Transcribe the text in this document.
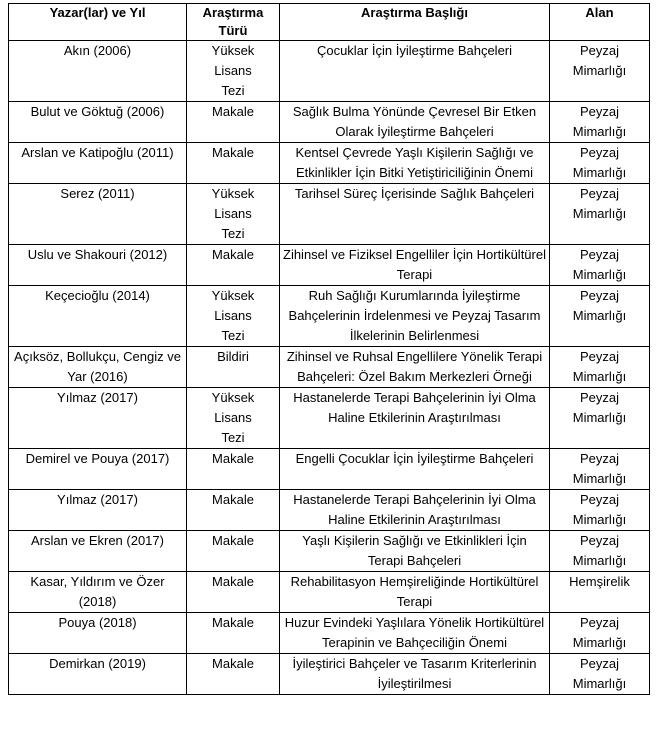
Yazar(lar) ve Yıl	Araştırma Türü	Araştırma Başlığı	Alan
Akın (2006)	Yüksek Lisans Tezi	Çocuklar İçin İyileştirme Bahçeleri	Peyzaj Mimarlığı
Bulut ve Göktuğ (2006)	Makale	Sağlık Bulma Yönünde Çevresel Bir Etken Olarak İyileştirme Bahçeleri	Peyzaj Mimarlığı
Arslan ve Katipoğlu (2011)	Makale	Kentsel Çevrede Yaşlı Kişilerin Sağlığı ve Etkinlikler İçin Bitki Yetiştiriciliğinin Önemi	Peyzaj Mimarlığı
Serez (2011)	Yüksek Lisans Tezi	Tarihsel Süreç İçerisinde Sağlık Bahçeleri	Peyzaj Mimarlığı
Uslu ve Shakouri (2012)	Makale	Zihinsel ve Fiziksel Engelliler İçin Hortikültürel Terapi	Peyzaj Mimarlığı
Keçecioğlu (2014)	Yüksek Lisans Tezi	Ruh Sağlığı Kurumlarında İyileştirme Bahçelerinin İrdelenmesi ve Peyzaj Tasarım İlkelerinin Belirlenmesi	Peyzaj Mimarlığı
Açıksöz, Bollukçu, Cengiz ve Yar (2016)	Bildiri	Zihinsel ve Ruhsal Engellilere Yönelik Terapi Bahçeleri: Özel Bakım Merkezleri Örneği	Peyzaj Mimarlığı
Yılmaz (2017)	Yüksek Lisans Tezi	Hastanelerde Terapi Bahçelerinin İyi Olma Haline Etkilerinin Araştırılması	Peyzaj Mimarlığı
Demirel ve Pouya (2017)	Makale	Engelli Çocuklar İçin İyileştirme Bahçeleri	Peyzaj Mimarlığı
Yılmaz (2017)	Makale	Hastanelerde Terapi Bahçelerinin İyi Olma Haline Etkilerinin Araştırılması	Peyzaj Mimarlığı
Arslan ve Ekren (2017)	Makale	Yaşlı Kişilerin Sağlığı ve Etkinlikleri İçin Terapi Bahçeleri	Peyzaj Mimarlığı
Kasar, Yıldırım ve Özer (2018)	Makale	Rehabilitasyon Hemşireliğinde Hortikültürel Terapi	Hemşirelik
Pouya (2018)	Makale	Huzur Evindeki Yaşlılara Yönelik Hortikültürel Terapinin ve Bahçeciliğin Önemi	Peyzaj Mimarlığı
Demirkan (2019)	Makale	İyileştirici Bahçeler ve Tasarım Kriterlerinin İyileştirilmesi	Peyzaj Mimarlığı
